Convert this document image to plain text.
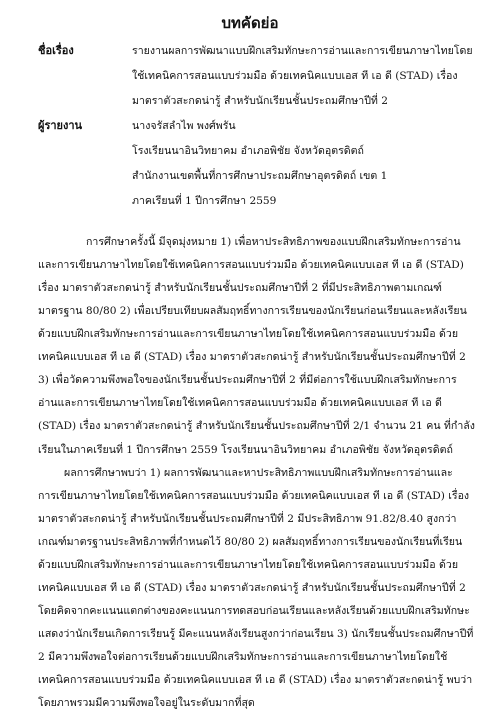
บทคัดย่อ
ชื่อเรื่อง	รายงานผลการพัฒนาแบบฝึกเสริมทักษะการอ่านและการเขียนภาษาไทยโดย
ใช้เทคนิคการสอนแบบร่วมมือ ด้วยเทคนิคแบบเอส ที เอ ดี (STAD) เรื่อง
มาตราตัวสะกดน่ารู้ สำหรับนักเรียนชั้นประถมศึกษาปีที่ 2
ผู้รายงาน	นางจรัสลำไพ พงศ์พรัน
โรงเรียนนาอินวิทยาคม อำเภอพิชัย จังหวัดอุตรดิตถ์
สำนักงานเขตพื้นที่การศึกษาประถมศึกษาอุตรดิตถ์ เขต 1
ภาคเรียนที่ 1 ปีการศึกษา 2559
การศึกษาครั้งนี้ มีจุดมุ่งหมาย 1) เพื่อหาประสิทธิภาพของแบบฝึกเสริมทักษะการอ่าน
และการเขียนภาษาไทยโดยใช้เทคนิคการสอนแบบร่วมมือ ด้วยเทคนิคแบบเอส ที เอ ดี (STAD)
เรื่อง มาตราตัวสะกดน่ารู้ สำหรับนักเรียนชั้นประถมศึกษาปีที่ 2 ที่มีประสิทธิภาพตามเกณฑ์
มาตรฐาน 80/80 2) เพื่อเปรียบเทียบผลสัมฤทธิ์ทางการเรียนของนักเรียนก่อนเรียนและหลังเรียน
ด้วยแบบฝึกเสริมทักษะการอ่านและการเขียนภาษาไทยโดยใช้เทคนิคการสอนแบบร่วมมือ ด้วย
เทคนิคแบบเอส ที เอ ดี (STAD) เรื่อง มาตราตัวสะกดน่ารู้ สำหรับนักเรียนชั้นประถมศึกษาปีที่ 2
3) เพื่อวัดความพึงพอใจของนักเรียนชั้นประถมศึกษาปีที่ 2 ที่มีต่อการใช้แบบฝึกเสริมทักษะการ
อ่านและการเขียนภาษาไทยโดยใช้เทคนิคการสอนแบบร่วมมือ ด้วยเทคนิคแบบเอส ที เอ ดี
(STAD) เรื่อง มาตราตัวสะกดน่ารู้ สำหรับนักเรียนชั้นประถมศึกษาปีที่ 2/1 จำนวน 21 คน ที่กำลัง
เรียนในภาคเรียนที่ 1 ปีการศึกษา 2559 โรงเรียนนาอินวิทยาคม อำเภอพิชัย จังหวัดอุตรดิตถ์
ผลการศึกษาพบว่า 1) ผลการพัฒนาและหาประสิทธิภาพแบบฝึกเสริมทักษะการอ่านและ
การเขียนภาษาไทยโดยใช้เทคนิคการสอนแบบร่วมมือ ด้วยเทคนิคแบบเอส ที เอ ดี (STAD) เรื่อง
มาตราตัวสะกดน่ารู้ สำหรับนักเรียนชั้นประถมศึกษาปีที่ 2 มีประสิทธิภาพ 91.82/8.40 สูงกว่า
เกณฑ์มาตรฐานประสิทธิภาพที่กำหนดไว้ 80/80 2) ผลสัมฤทธิ์ทางการเรียนของนักเรียนที่เรียน
ด้วยแบบฝึกเสริมทักษะการอ่านและการเขียนภาษาไทยโดยใช้เทคนิคการสอนแบบร่วมมือ ด้วย
เทคนิคแบบเอส ที เอ ดี (STAD) เรื่อง มาตราตัวสะกดน่ารู้ สำหรับนักเรียนชั้นประถมศึกษาปีที่ 2
โดยคิดจากคะแนนแตกต่างของคะแนนการทดสอบก่อนเรียนและหลังเรียนด้วยแบบฝึกเสริมทักษะ
แสดงว่านักเรียนเกิดการเรียนรู้ มีคะแนนหลังเรียนสูงกว่าก่อนเรียน 3) นักเรียนชั้นประถมศึกษาปีที่
2 มีความพึงพอใจต่อการเรียนด้วยแบบฝึกเสริมทักษะการอ่านและการเขียนภาษาไทยโดยใช้
เทคนิคการสอนแบบร่วมมือ ด้วยเทคนิคแบบเอส ที เอ ดี (STAD) เรื่อง มาตราตัวสะกดน่ารู้ พบว่า
โดยภาพรวมมีความพึงพอใจอยู่ในระดับมากที่สุด
